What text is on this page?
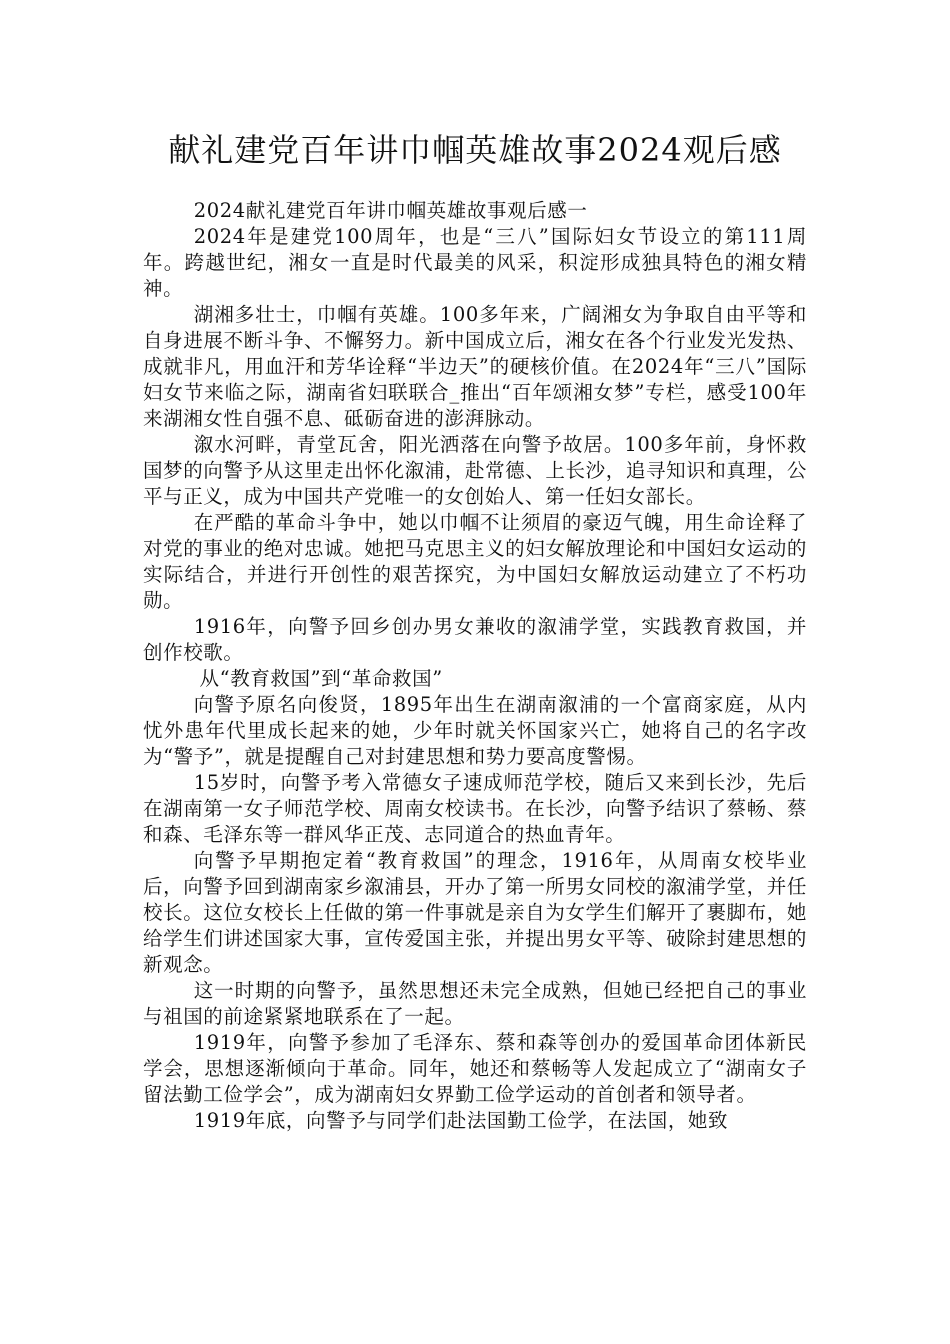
献礼建党百年讲巾帼英雄故事2024观后感

2024献礼建党百年讲巾帼英雄故事观后感一

2024年是建党100周年，也是“三八”国际妇女节设立的第111周年。跨越世纪，湘女一直是时代最美的风采，积淀形成独具特色的湘女精神。

湖湘多壮士，巾帼有英雄。100多年来，广阔湘女为争取自由平等和自身进展不断斗争、不懈努力。新中国成立后，湘女在各个行业发光发热、成就非凡，用血汗和芳华诠释“半边天”的硬核价值。在2024年“三八”国际妇女节来临之际，湖南省妇联联合_推出“百年颂湘女梦”专栏，感受100年来湖湘女性自强不息、砥砺奋进的澎湃脉动。

溆水河畔，青堂瓦舍，阳光洒落在向警予故居。100多年前，身怀救国梦的向警予从这里走出怀化溆浦，赴常德、上长沙，追寻知识和真理，公平与正义，成为中国共产党唯一的女创始人、第一任妇女部长。

在严酷的革命斗争中，她以巾帼不让须眉的豪迈气魄，用生命诠释了对党的事业的绝对忠诚。她把马克思主义的妇女解放理论和中国妇女运动的实际结合，并进行开创性的艰苦探究，为中国妇女解放运动建立了不朽功勋。

1916年，向警予回乡创办男女兼收的溆浦学堂，实践教育救国，并创作校歌。

从“教育救国”到“革命救国”

向警予原名向俊贤，1895年出生在湖南溆浦的一个富商家庭，从内忧外患年代里成长起来的她，少年时就关怀国家兴亡，她将自己的名字改为“警予”，就是提醒自己对封建思想和势力要高度警惕。

15岁时，向警予考入常德女子速成师范学校，随后又来到长沙，先后在湖南第一女子师范学校、周南女校读书。在长沙，向警予结识了蔡畅、蔡和森、毛泽东等一群风华正茂、志同道合的热血青年。

向警予早期抱定着“教育救国”的理念，1916年，从周南女校毕业后，向警予回到湖南家乡溆浦县，开办了第一所男女同校的溆浦学堂，并任校长。这位女校长上任做的第一件事就是亲自为女学生们解开了裹脚布，她给学生们讲述国家大事，宣传爱国主张，并提出男女平等、破除封建思想的新观念。

这一时期的向警予，虽然思想还未完全成熟，但她已经把自己的事业与祖国的前途紧紧地联系在了一起。

1919年，向警予参加了毛泽东、蔡和森等创办的爱国革命团体新民学会，思想逐渐倾向于革命。同年，她还和蔡畅等人发起成立了“湖南女子留法勤工俭学会”，成为湖南妇女界勤工俭学运动的首创者和领导者。

1919年底，向警予与同学们赴法国勤工俭学，在法国，她致
